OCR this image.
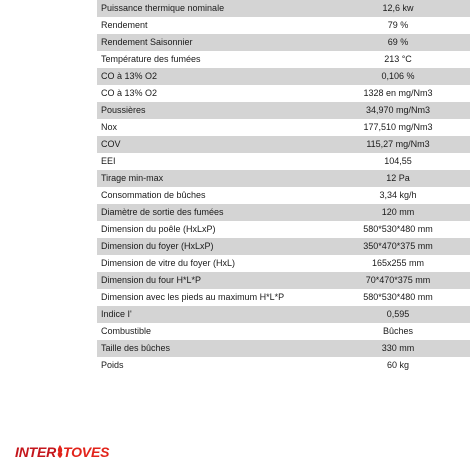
Puissance thermique nominale	12,6 kw
Rendement	79 %
Rendement Saisonnier	69 %
Température des fumées	213 °C
CO à 13% O2	0,106 %
CO à 13% O2	1328 en mg/Nm3
Poussières	34,970 mg/Nm3
Nox	177,510 mg/Nm3
COV	115,27 mg/Nm3
EEI	104,55
Tirage min-max	12 Pa
Consommation de bûches	3,34 kg/h
Diamètre de sortie des fumées	120 mm
Dimension du poêle (HxLxP)	580*530*480 mm
Dimension du foyer (HxLxP)	350*470*375 mm
Dimension de vitre du foyer (HxL)	165x255 mm
Dimension du four H*L*P	70*470*375 mm
Dimension avec les pieds au maximum H*L*P	580*530*480 mm
Indice I'	0,595
Combustible	Bûches
Taille des bûches	330 mm
Poids	60 kg
INTER TOVES
